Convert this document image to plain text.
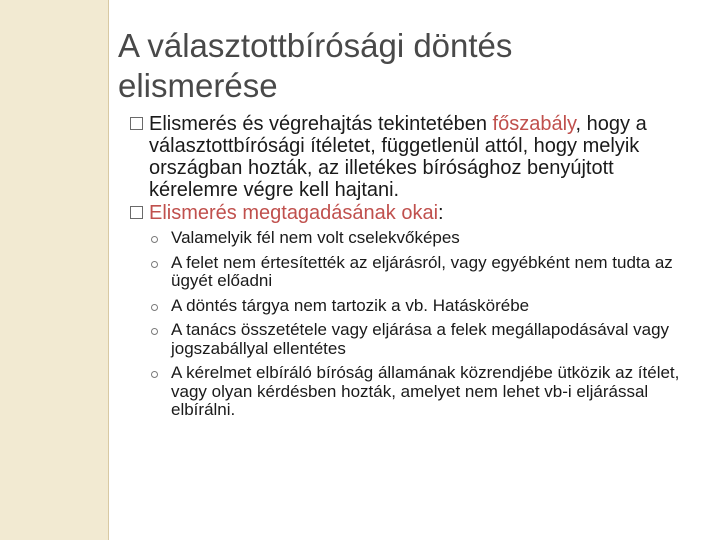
A választottbírósági döntés elismerése

Elismerés és végrehajtás tekintetében főszabály, hogy a választottbírósági ítéletet, függetlenül attól, hogy melyik országban hozták, az illetékes bírósághoz benyújtott kérelemre végre kell hajtani.

Elismerés megtagadásának okai:

Valamelyik fél nem volt cselekvőképes
A felet nem értesítették az eljárásról, vagy egyébként nem tudta az ügyét előadni
A döntés tárgya nem tartozik a vb. Hatáskörébe
A tanács összetétele vagy eljárása a felek megállapodásával vagy jogszabállyal ellentétes
A kérelmet elbíráló bíróság államának közrendjébe ütközik az ítélet, vagy olyan kérdésben hozták, amelyet nem lehet vb-i eljárással elbírálni.
